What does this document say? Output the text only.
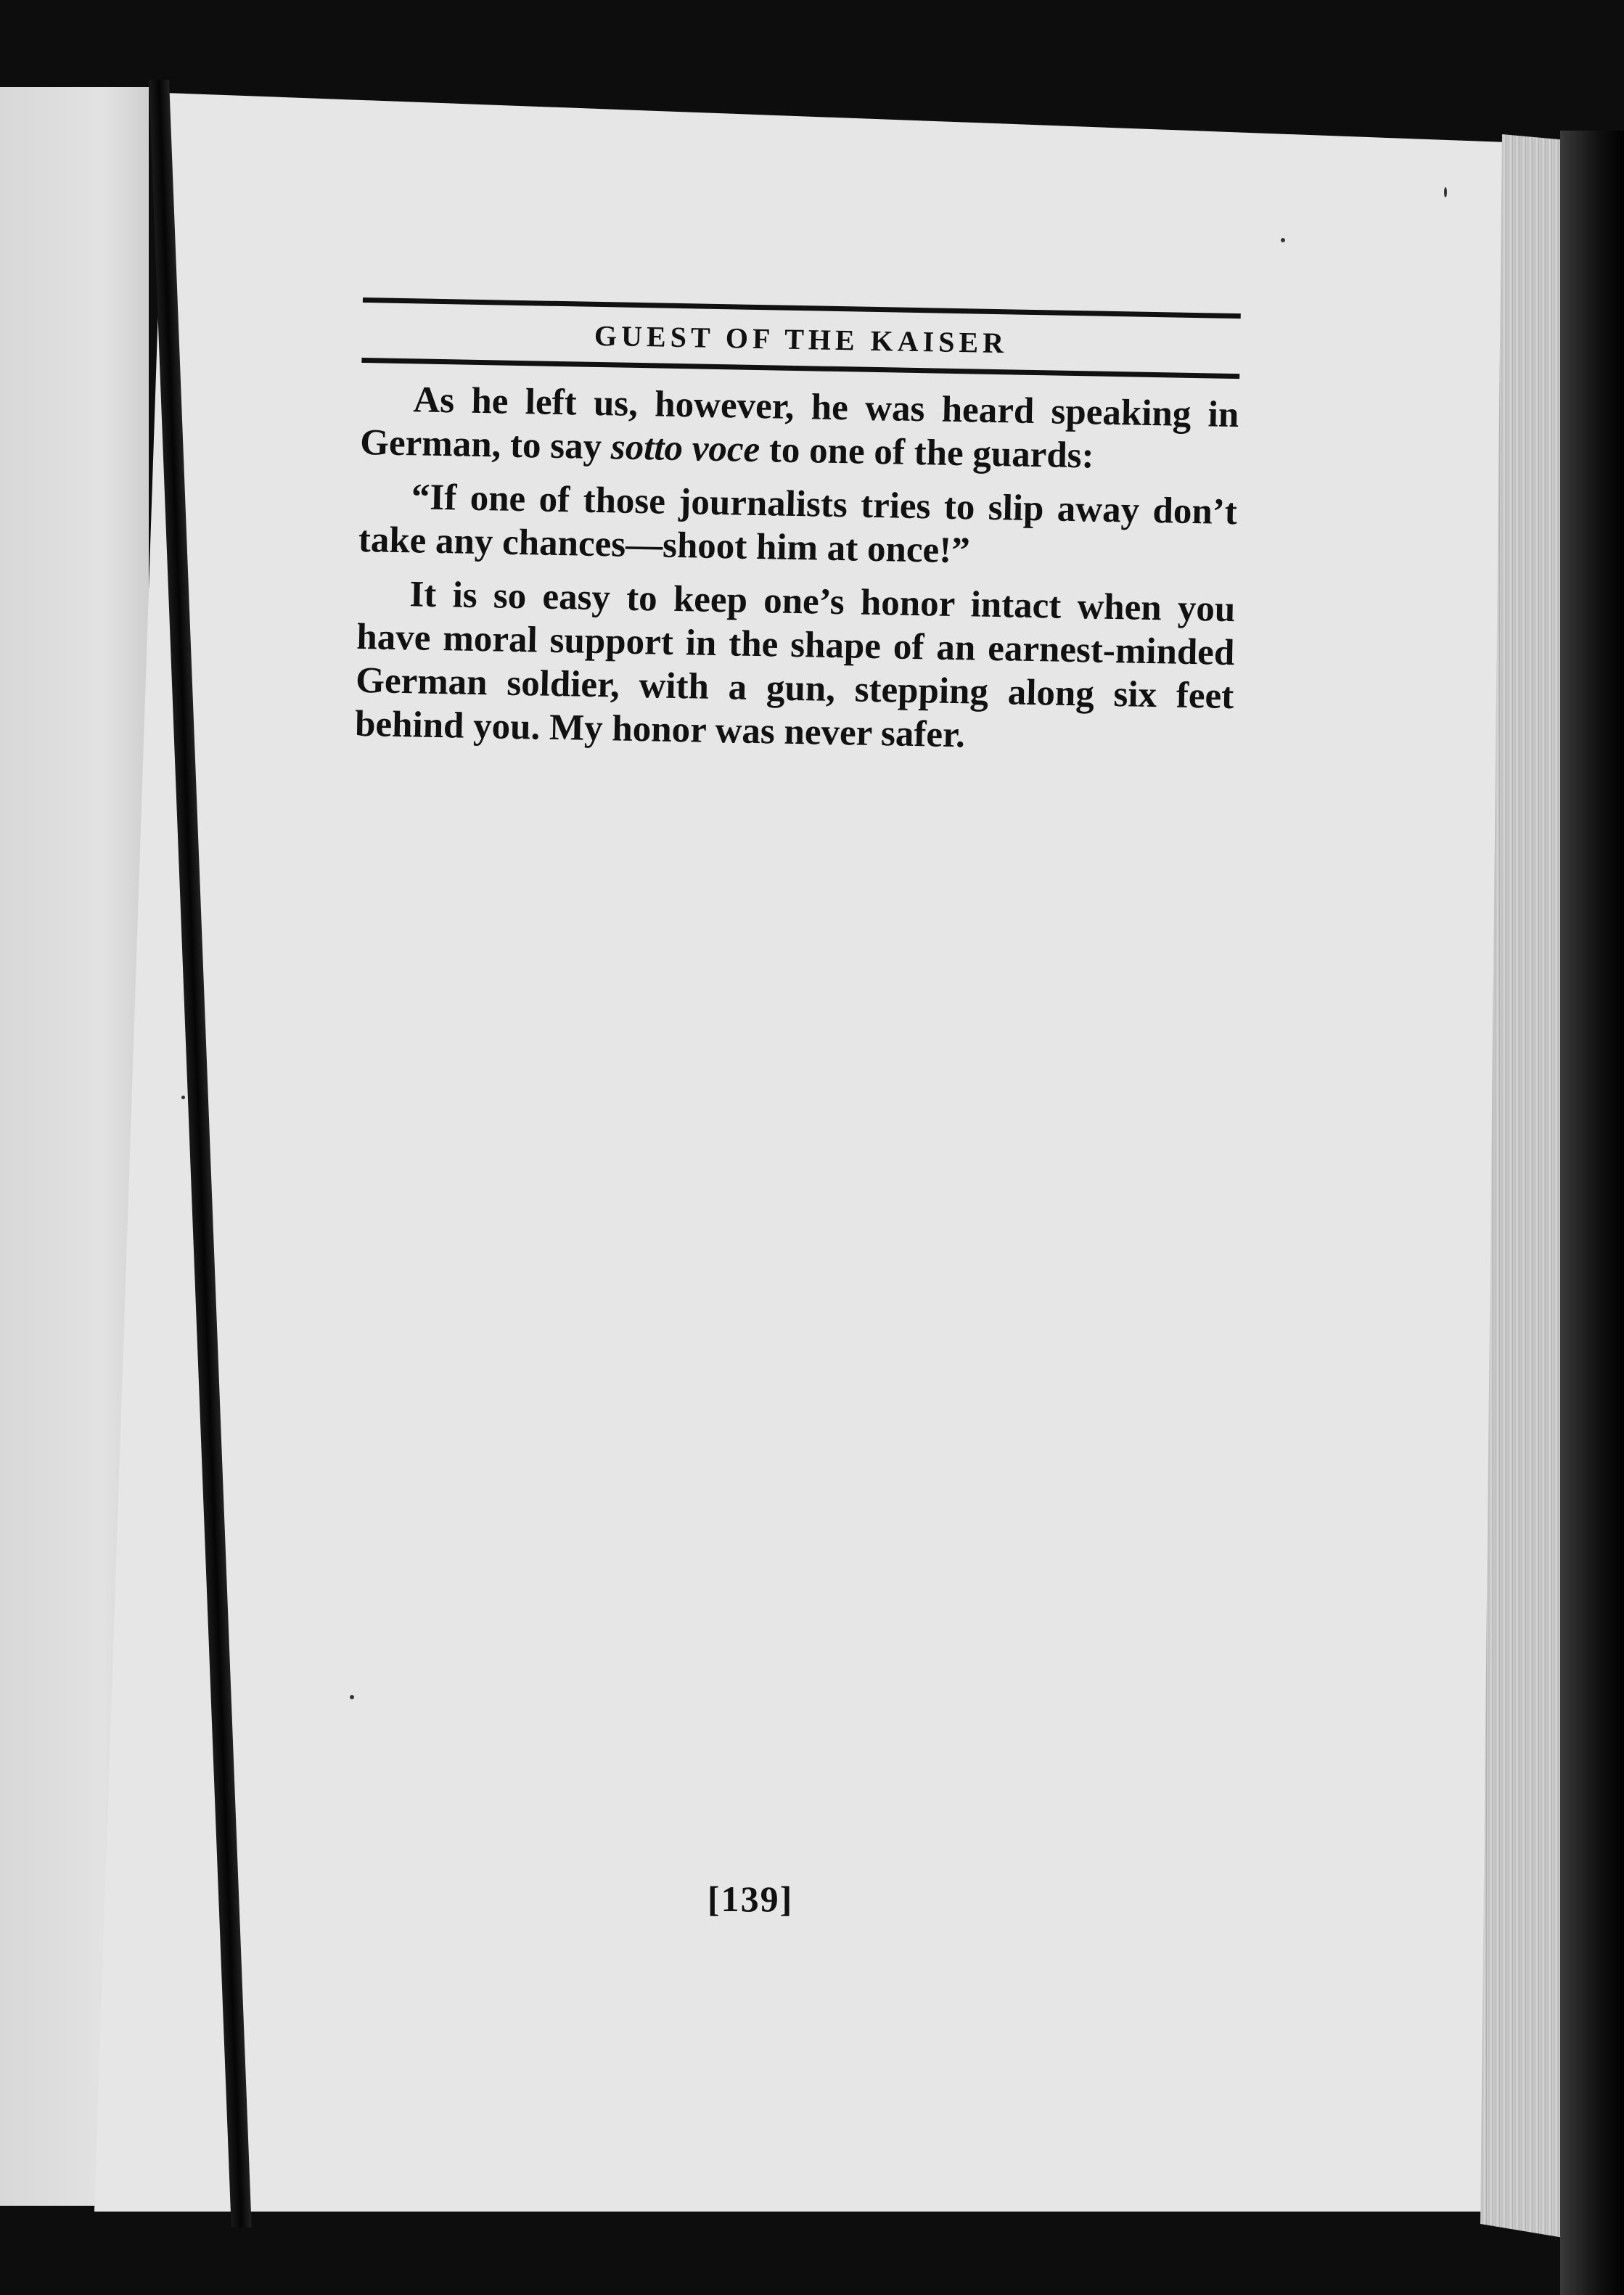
GUEST OF THE KAISER

As he left us, however, he was heard speaking in German, to say sotto voce to one of the guards:

“If one of those journalists tries to slip away don’t take any chances—shoot him at once!”

It is so easy to keep one’s honor intact when you have moral support in the shape of an earnest-minded German soldier, with a gun, stepping along six feet behind you. My honor was never safer.

[139]
